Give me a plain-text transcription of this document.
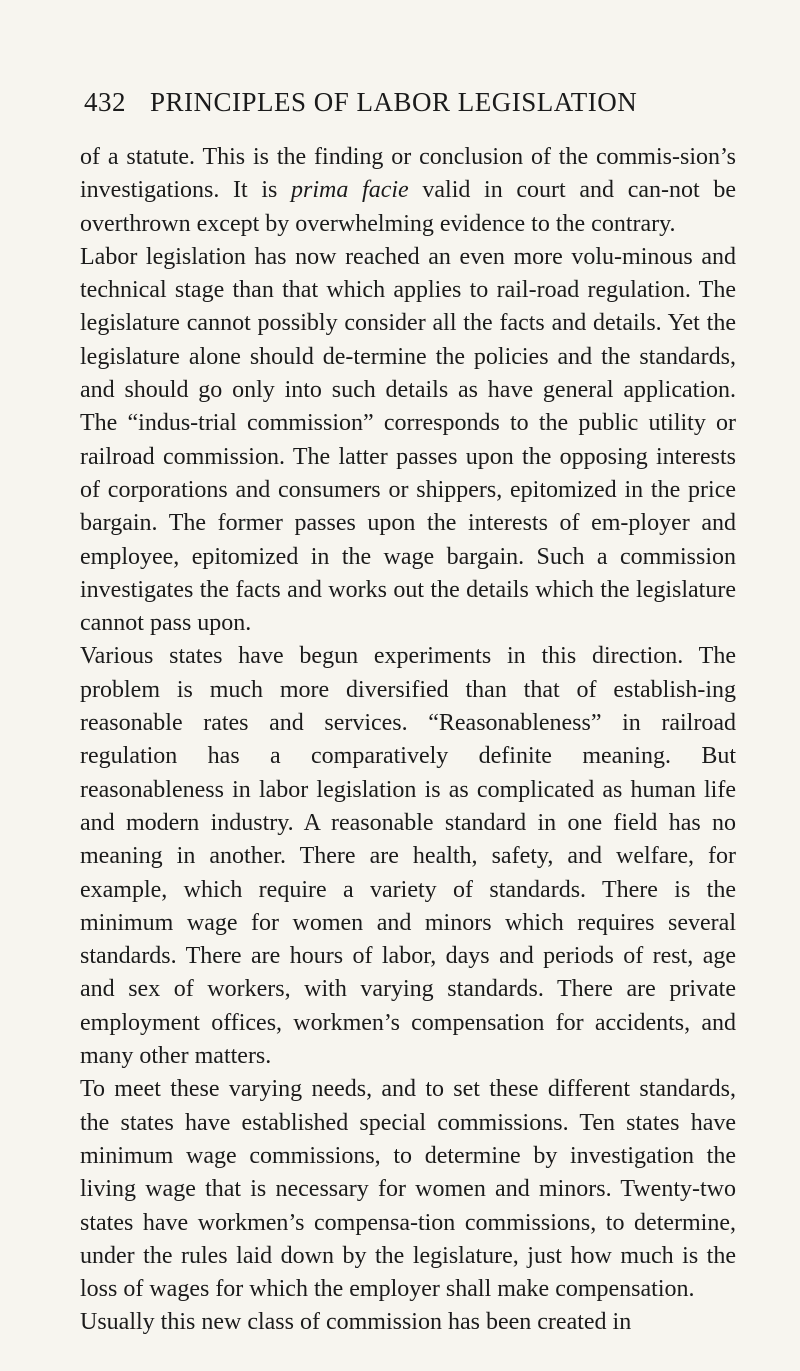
432 PRINCIPLES OF LABOR LEGISLATION

of a statute. This is the finding or conclusion of the commis-sion’s investigations. It is prima facie valid in court and can-not be overthrown except by overwhelming evidence to the contrary.

Labor legislation has now reached an even more volu-minous and technical stage than that which applies to rail-road regulation. The legislature cannot possibly consider all the facts and details. Yet the legislature alone should de-termine the policies and the standards, and should go only into such details as have general application. The “indus-trial commission” corresponds to the public utility or railroad commission. The latter passes upon the opposing interests of corporations and consumers or shippers, epitomized in the price bargain. The former passes upon the interests of em-ployer and employee, epitomized in the wage bargain. Such a commission investigates the facts and works out the details which the legislature cannot pass upon.

Various states have begun experiments in this direction. The problem is much more diversified than that of establish-ing reasonable rates and services. “Reasonableness” in railroad regulation has a comparatively definite meaning. But reasonableness in labor legislation is as complicated as human life and modern industry. A reasonable standard in one field has no meaning in another. There are health, safety, and welfare, for example, which require a variety of standards. There is the minimum wage for women and minors which requires several standards. There are hours of labor, days and periods of rest, age and sex of workers, with varying standards. There are private employment offices, workmen’s compensation for accidents, and many other matters.

To meet these varying needs, and to set these different standards, the states have established special commissions. Ten states have minimum wage commissions, to determine by investigation the living wage that is necessary for women and minors. Twenty-two states have workmen’s compensa-tion commissions, to determine, under the rules laid down by the legislature, just how much is the loss of wages for which the employer shall make compensation.

Usually this new class of commission has been created in
